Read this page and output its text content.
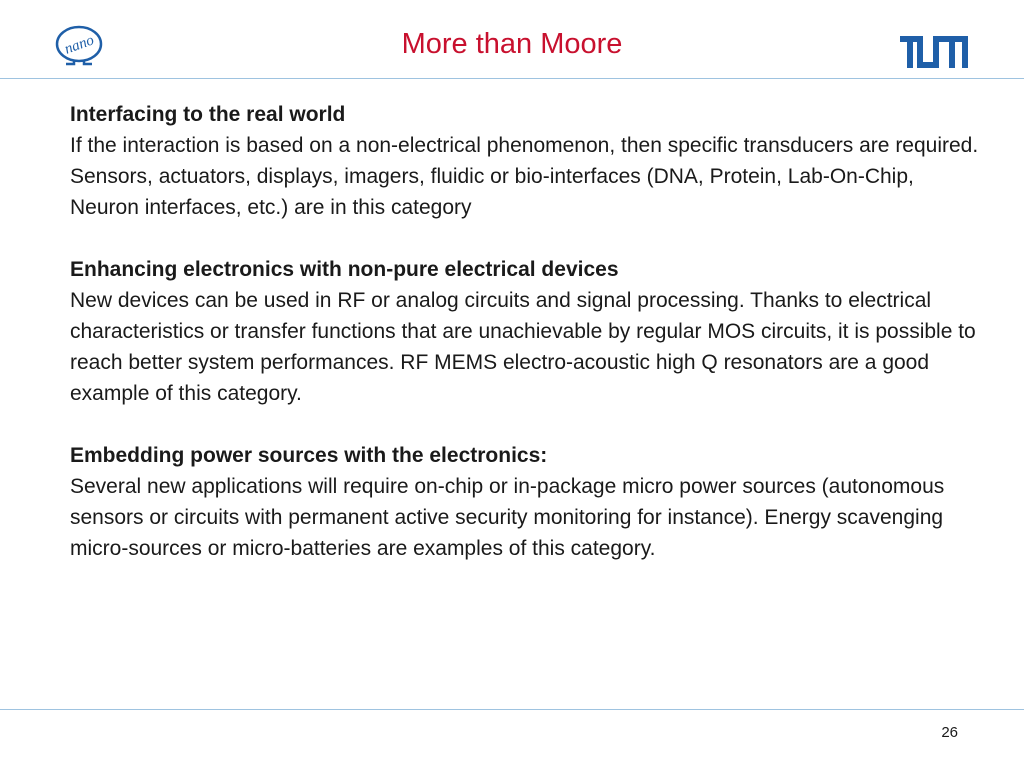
nano	More than Moore
Interfacing to the real world
If the interaction is based on a non-electrical phenomenon, then specific transducers are required. Sensors, actuators, displays, imagers, fluidic or bio-interfaces (DNA, Protein, Lab-On-Chip, Neuron interfaces, etc.) are in this category
Enhancing electronics with non-pure electrical devices
New devices can be used in RF or analog circuits and signal processing. Thanks to electrical characteristics or transfer functions that are unachievable by regular MOS circuits, it is possible to reach better system performances. RF MEMS electro-acoustic high Q resonators are a good example of this category.
Embedding power sources with the electronics:
Several new applications will require on-chip or in-package micro power sources (autonomous sensors or circuits with permanent active security monitoring for instance). Energy scavenging micro-sources or micro-batteries are examples of this category.
26
